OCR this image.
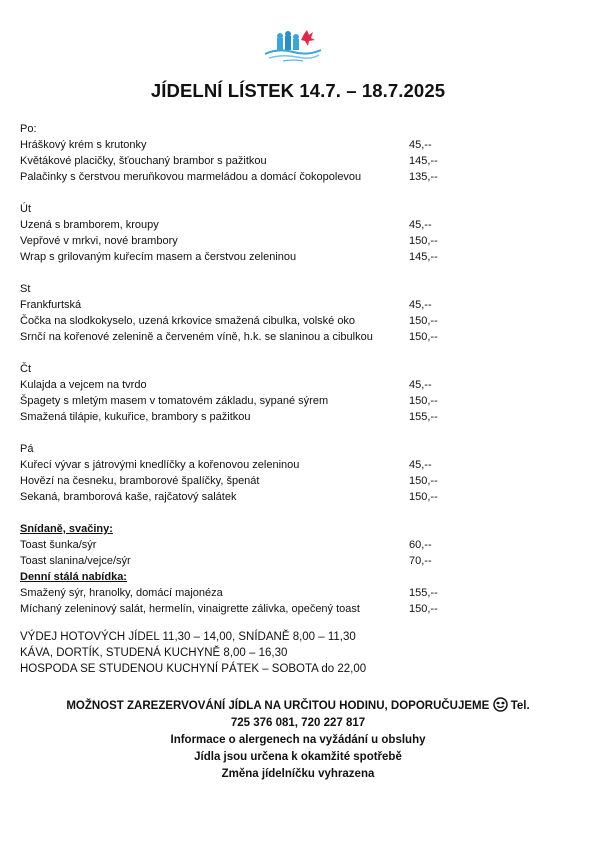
JÍDELNÍ LÍSTEK 14.7. – 18.7.2025
Po:
Hráškový krém s krutonky	45,--
Květákové placičky, šťouchaný brambor s pažitkou	145,--
Palačinky s čerstvou meruňkovou marmeládou a domácí čokopolevou	135,--
Út
Uzená s bramborem, kroupy	45,--
Vepřové v mrkvi, nové brambory	150,--
Wrap s grilovaným kuřecím masem a čerstvou zeleninou	145,--
St
Frankfurtská	45,--
Čočka na slodkokyselo, uzená krkovice smažená cibulka, volské oko	150,--
Srnčí na kořenové zelenině a červeném víně, h.k. se slaninou a cibulkou	150,--
Čt
Kulajda a vejcem na tvrdo	45,--
Špagety s mletým masem v tomatovém základu, sypané sýrem	150,--
Smažená tilápie, kukuřice, brambory s pažitkou	155,--
Pá
Kuřecí vývar s játrovými knedlíčky a kořenovou zeleninou	45,--
Hovězí na česneku, bramborové špalíčky, špenát	150,--
Sekaná, bramborová kaše, rajčatový salátek	150,--
Snídaně, svačiny:
Toast šunka/sýr	60,--
Toast slanina/vejce/sýr	70,--
Denní stálá nabídka:
Smažený sýr, hranolky, domácí majonéza	155,--
Míchaný zeleninový salát, hermelín, vinaigrette zálivka, opečený toast	150,--
VÝDEJ HOTOVÝCH JÍDEL 11,30 – 14,00, SNÍDANĚ 8,00 – 11,30
KÁVA, DORTÍK, STUDENÁ KUCHYNĚ 8,00 – 16,30
HOSPODA SE STUDENOU KUCHYNÍ PÁTEK – SOBOTA do 22,00
MOŽNOST ZAREZERVOVÁNÍ JÍDLA NA URČITOU HODINU, DOPORUČUJEME Tel.
725 376 081, 720 227 817
Informace o alergenech na vyžádání u obsluhy
Jídla jsou určena k okamžité spotřebě
Změna jídelníčku vyhrazena
